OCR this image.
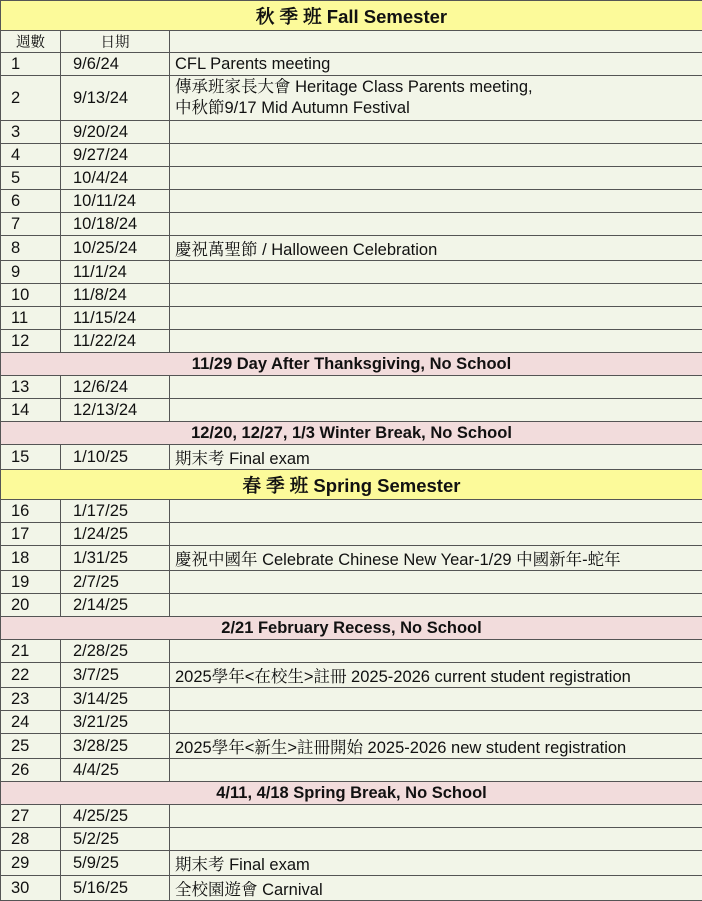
秋 季 班 Fall Semester		
週數	日期	
1	9/6/24	CFL Parents meeting
2	9/13/24	傳承班家長大會 Heritage Class Parents meeting,
中秋節9/17 Mid Autumn Festival

3	9/20/24	
4	9/27/24	
5	10/4/24	
6	10/11/24	
7	10/18/24	
8	10/25/24	慶祝萬聖節 / Halloween Celebration
9	11/1/24	
10	11/8/24	
11	11/15/24	
12	11/22/24	
11/29 Day After Thanksgiving, No School		
13	12/6/24	
14	12/13/24	
12/20, 12/27, 1/3 Winter Break, No School		
15	1/10/25	期末考 Final exam
春 季 班 Spring Semester		
16	1/17/25	
17	1/24/25	
18	1/31/25	慶祝中國年 Celebrate Chinese New Year-1/29 中國新年-蛇年
19	2/7/25	
20	2/14/25	
2/21 February Recess, No School		
21	2/28/25	
22	3/7/25	2025學年<在校生>註冊 2025-2026 current student registration
23	3/14/25	
24	3/21/25	
25	3/28/25	2025學年<新生>註冊開始 2025-2026 new student registration
26	4/4/25	
4/11, 4/18 Spring Break, No School		
27	4/25/25	
28	5/2/25	
29	5/9/25	期末考 Final exam
30	5/16/25	全校園遊會 Carnival
